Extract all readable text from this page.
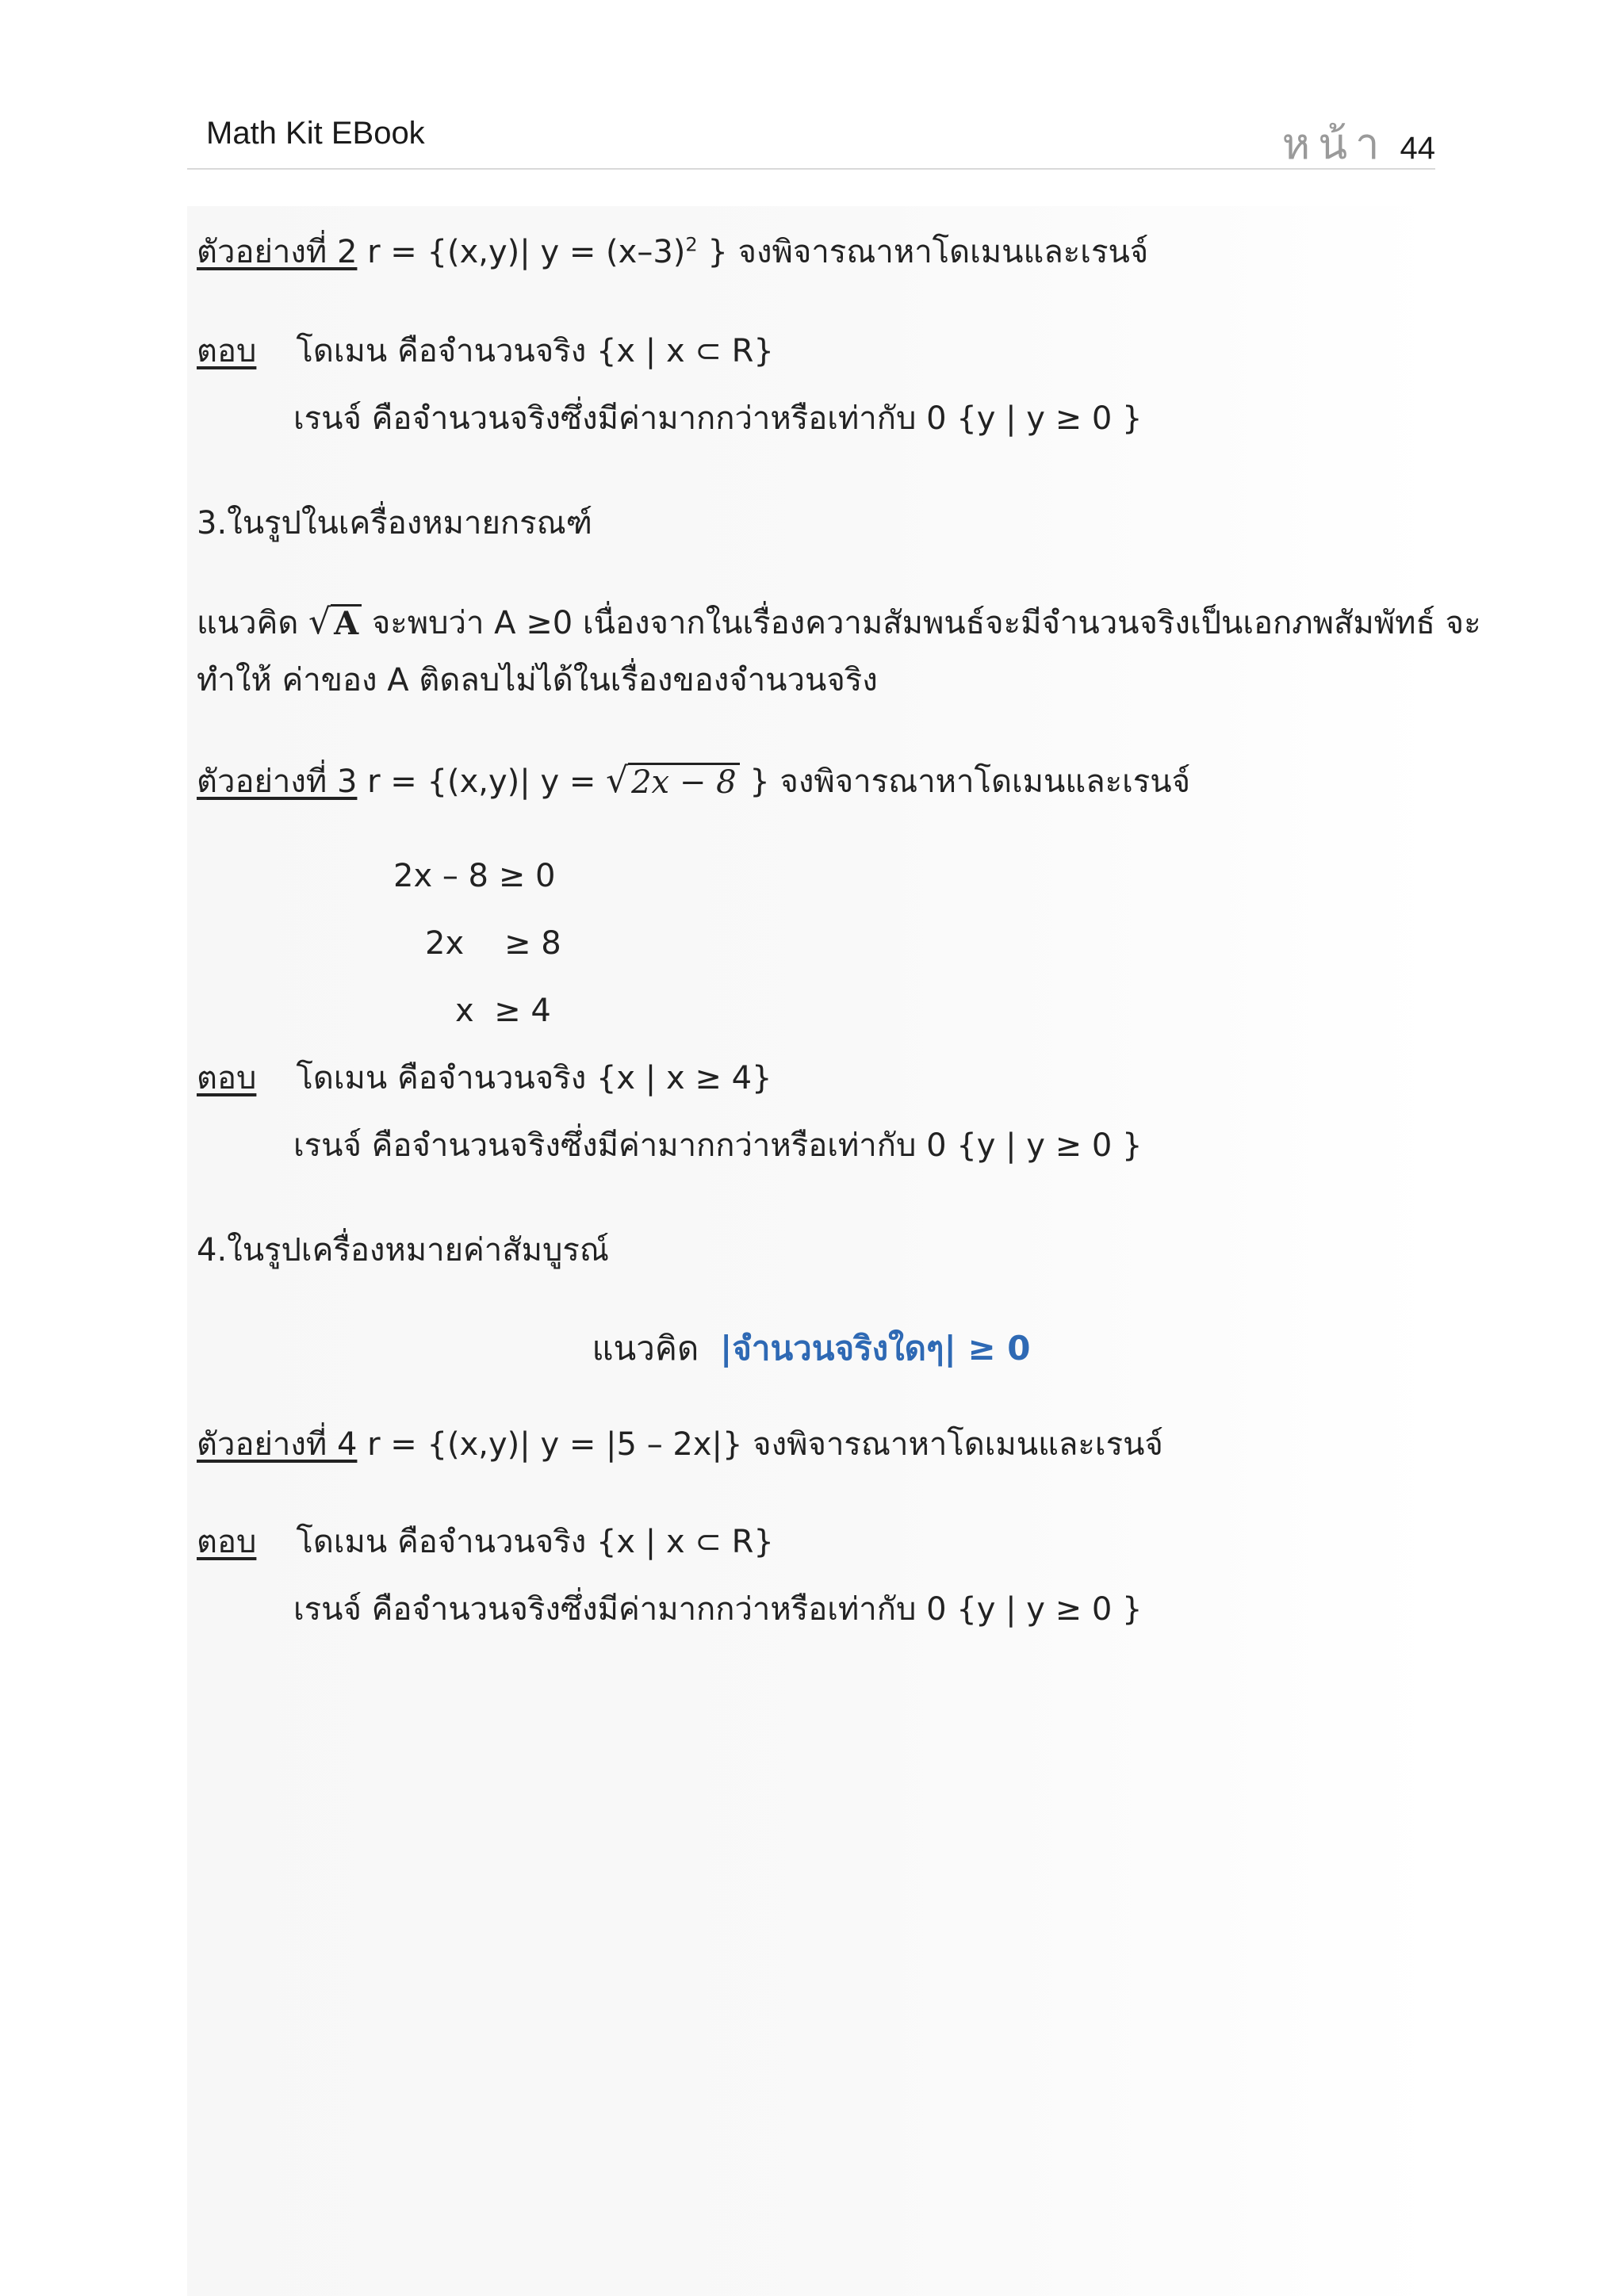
Math Kit EBook	หน้า 44
ตัวอย่างที่ 2 r = {(x,y)| $y = (x-3)^2$ } จงพิจารณาหาโดเมนและเรนจ์
ตอบ โดเมน คือจำนวนจริง {x | x ⊂ R}
เรนจ์ คือจำนวนจริงซึ่งมีค่ามากกว่าหรือเท่ากับ 0 {y | y ≥ 0 }
3.ในรูปในเครื่องหมายกรณฑ์
แนวคิด √ A จะพบว่า A ≥0 เนื่องจากในเรื่องความสัมพนธ์จะมีจำนวนจริงเป็นเอกภพสัมพัทธ์ จะ
ทำให้ ค่าของ A ติดลบไม่ได้ในเรื่องของจำนวนจริง
ตัวอย่างที่ 3 r = {(x,y)| y = √ 2x − 8 } จงพิจารณาหาโดเมนและเรนจ์
2x – 8 ≥ 0
2x    ≥ 8
x  ≥ 4
ตอบ โดเมน คือจำนวนจริง {x | x ≥ 4}
เรนจ์ คือจำนวนจริงซึ่งมีค่ามากกว่าหรือเท่ากับ 0 {y | y ≥ 0 }
4.ในรูปเครื่องหมายค่าสัมบูรณ์
แนวคิด |จำนวนจริงใดๆ| ≥ 0
ตัวอย่างที่ 4 r = {(x,y)| y = |5 – 2x|} จงพิจารณาหาโดเมนและเรนจ์
ตอบ โดเมน คือจำนวนจริง {x | x ⊂ R}
เรนจ์ คือจำนวนจริงซึ่งมีค่ามากกว่าหรือเท่ากับ 0 {y | y ≥ 0 }
